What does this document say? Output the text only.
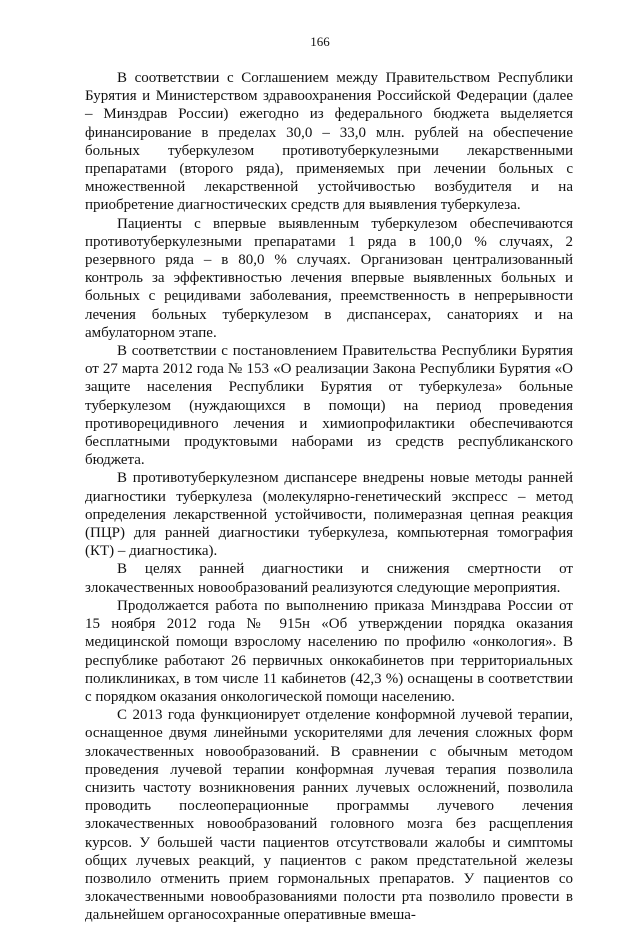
166

В соответствии с Соглашением между Правительством Республики Бурятия и Министерством здравоохранения Российской Федерации (далее – Минздрав России) ежегодно из федерального бюджета выделяется финансирование в пределах 30,0 – 33,0 млн. рублей на обеспечение больных туберкулезом противотуберкулезными лекарственными препаратами (второго ряда), применяемых при лечении больных с множественной лекарственной устойчивостью возбудителя и на приобретение диагностических средств для выявления туберкулеза.

Пациенты с впервые выявленным туберкулезом обеспечиваются противотуберкулезными препаратами 1 ряда в 100,0 % случаях, 2 резервного ряда – в 80,0 % случаях. Организован централизованный контроль за эффективностью лечения впервые выявленных больных и больных с рецидивами заболевания, преемственность в непрерывности лечения больных туберкулезом в диспансерах, санаториях и на амбулаторном этапе.

В соответствии с постановлением Правительства Республики Бурятия от 27 марта 2012 года № 153 «О реализации Закона Республики Бурятия «О защите населения Республики Бурятия от туберкулеза» больные туберкулезом (нуждающихся в помощи) на период проведения противорецидивного лечения и химиопрофилактики обеспечиваются бесплатными продуктовыми наборами из средств республиканского бюджета.

В противотуберкулезном диспансере внедрены новые методы ранней диагностики туберкулеза (молекулярно-генетический экспресс – метод определения лекарственной устойчивости, полимеразная цепная реакция (ПЦР) для ранней диагностики туберкулеза, компьютерная томография (КТ) – диагностика).

В целях ранней диагностики и снижения смертности от злокачественных новообразований реализуются следующие мероприятия.

Продолжается работа по выполнению приказа Минздрава России от 15 ноября 2012 года № 915н «Об утверждении порядка оказания медицинской помощи взрослому населению по профилю «онкология». В республике работают 26 первичных онкокабинетов при территориальных поликлиниках, в том числе 11 кабинетов (42,3 %) оснащены в соответствии с порядком оказания онкологической помощи населению.

С 2013 года функционирует отделение конформной лучевой терапии, оснащенное двумя линейными ускорителями для лечения сложных форм злокачественных новообразований. В сравнении с обычным методом проведения лучевой терапии конформная лучевая терапия позволила снизить частоту возникновения ранних лучевых осложнений, позволила проводить послеоперационные программы лучевого лечения злокачественных новообразований головного мозга без расщепления курсов. У большей части пациентов отсутствовали жалобы и симптомы общих лучевых реакций, у пациентов с раком предстательной железы позволило отменить прием гормональных препаратов. У пациентов со злокачественными новообразованиями полости рта позволило провести в дальнейшем органосохранные оперативные вмеша-
